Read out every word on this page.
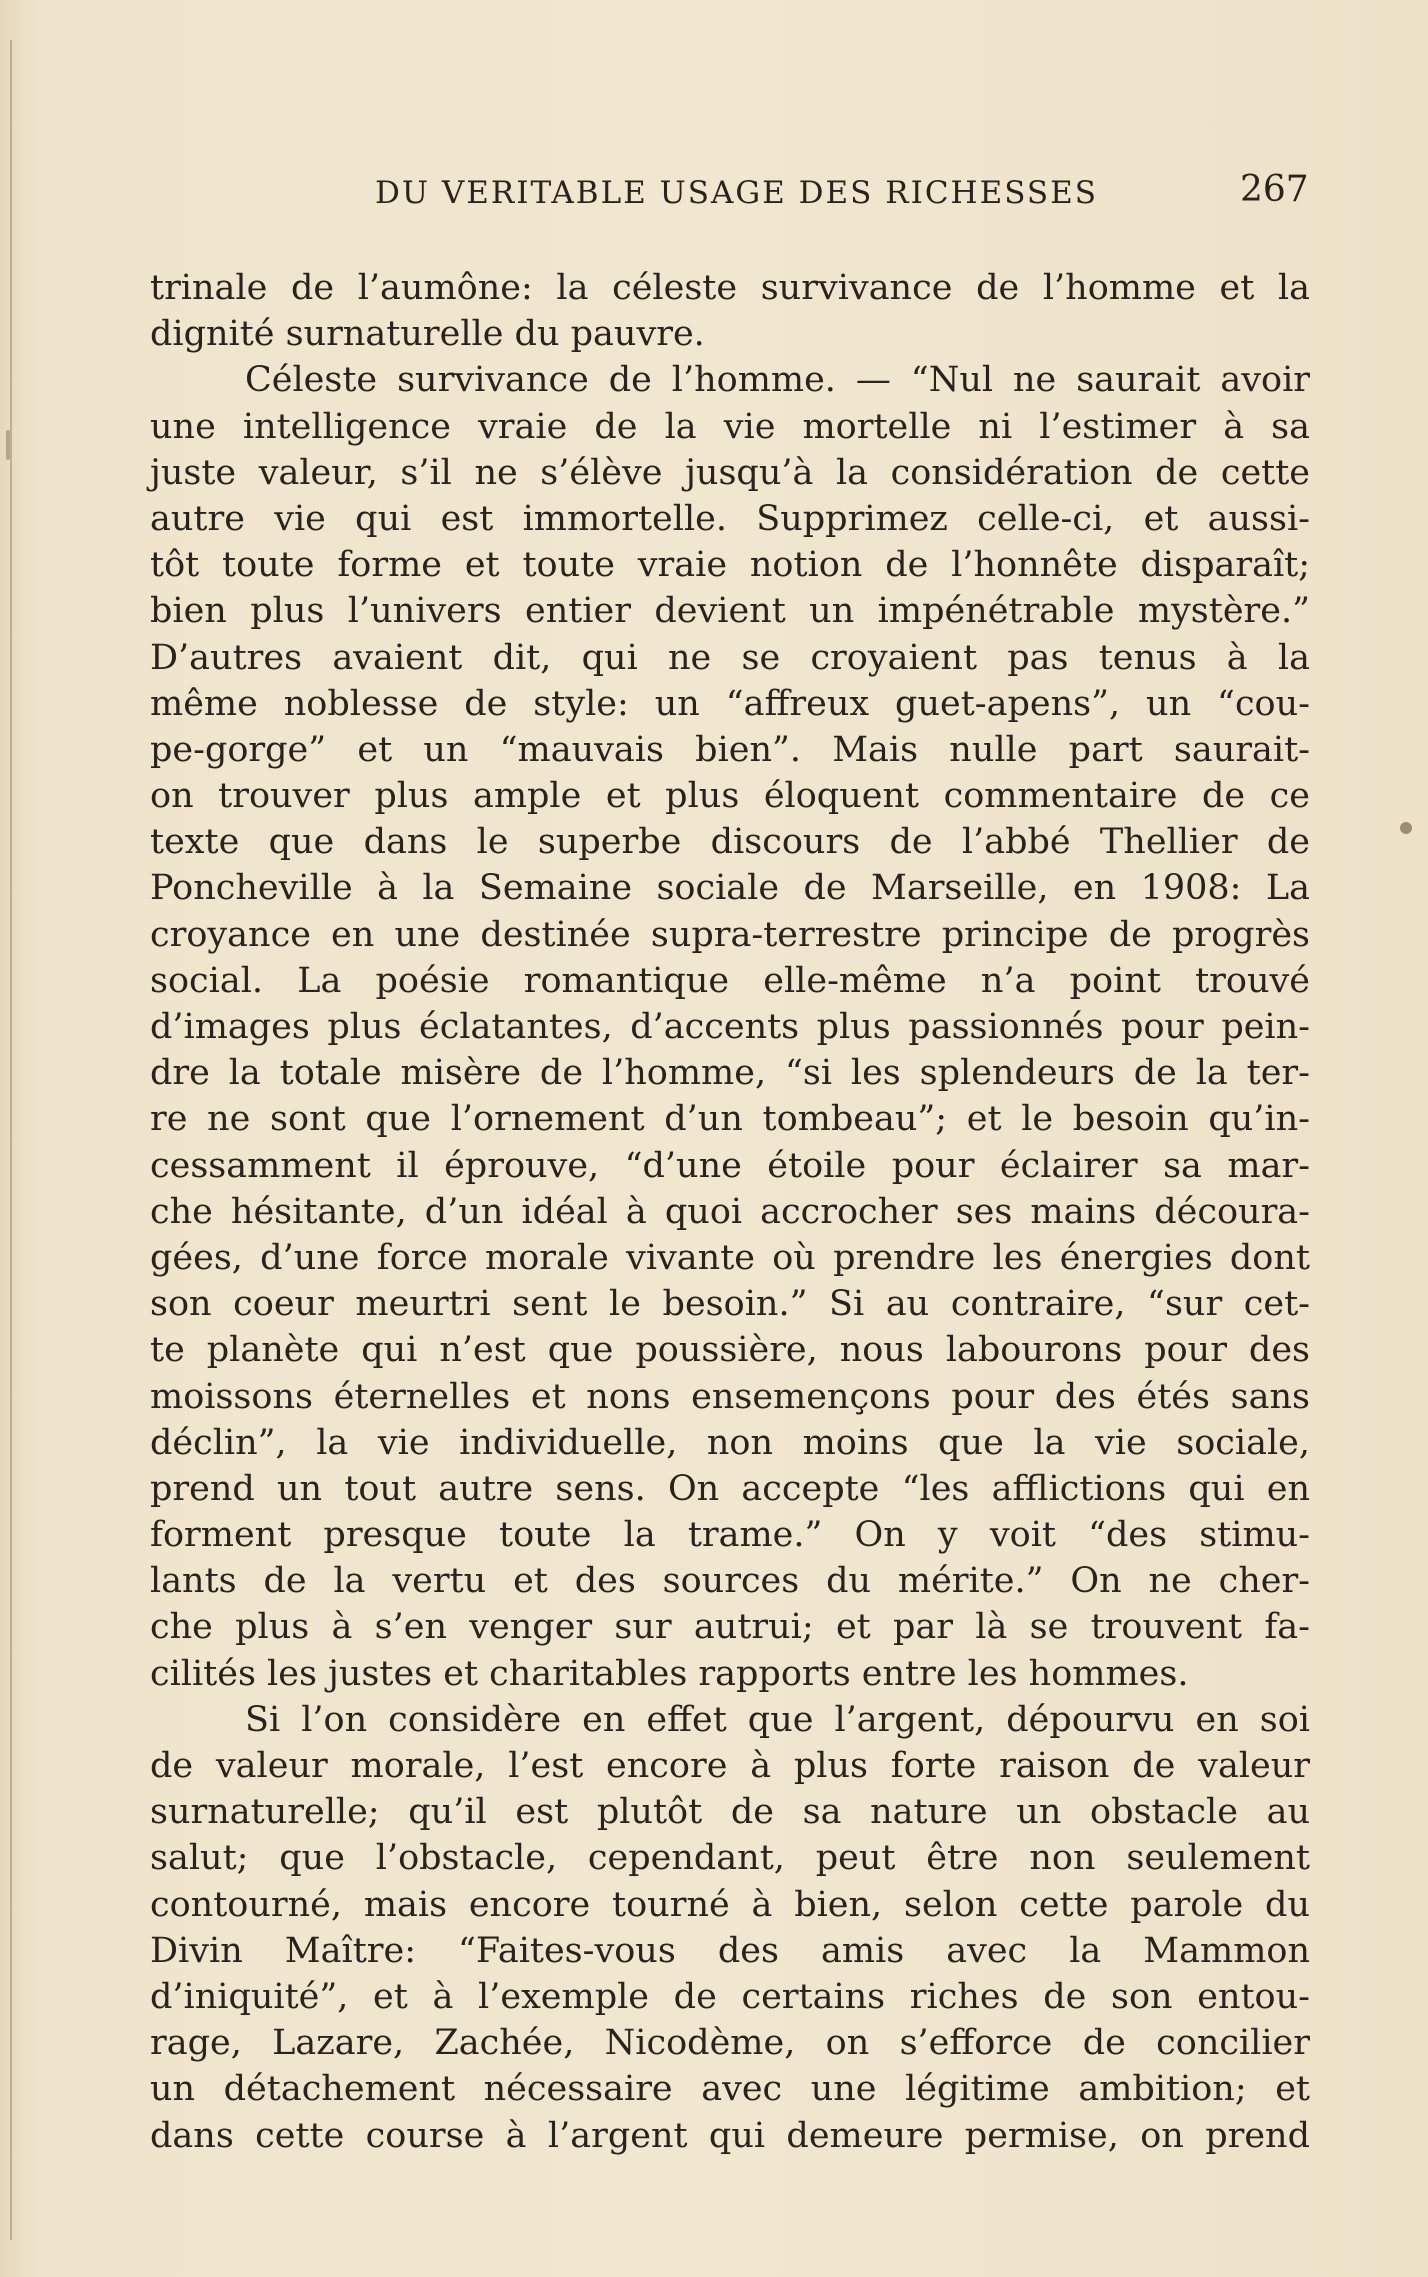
DU VERITABLE USAGE DES RICHESSES	267
trinale de l’aumône: la céleste survivance de l’homme et la
dignité surnaturelle du pauvre.
Céleste survivance de l’homme. — “Nul ne saurait avoir
une intelligence vraie de la vie mortelle ni l’estimer à sa
juste valeur, s’il ne s’élève jusqu’à la considération de cette
autre vie qui est immortelle. Supprimez celle-ci, et aussi-
tôt toute forme et toute vraie notion de l’honnête disparaît;
bien plus l’univers entier devient un impénétrable mystère.”
D’autres avaient dit, qui ne se croyaient pas tenus à la
même noblesse de style: un “affreux guet-apens”, un “cou-
pe-gorge” et un “mauvais bien”. Mais nulle part saurait-
on trouver plus ample et plus éloquent commentaire de ce
texte que dans le superbe discours de l’abbé Thellier de
Poncheville à la Semaine sociale de Marseille, en 1908: La
croyance en une destinée supra-terrestre principe de progrès
social. La poésie romantique elle-même n’a point trouvé
d’images plus éclatantes, d’accents plus passionnés pour pein-
dre la totale misère de l’homme, “si les splendeurs de la ter-
re ne sont que l’ornement d’un tombeau”; et le besoin qu’in-
cessamment il éprouve, “d’une étoile pour éclairer sa mar-
che hésitante, d’un idéal à quoi accrocher ses mains découra-
gées, d’une force morale vivante où prendre les énergies dont
son coeur meurtri sent le besoin.” Si au contraire, “sur cet-
te planète qui n’est que poussière, nous labourons pour des
moissons éternelles et nons ensemençons pour des étés sans
déclin”, la vie individuelle, non moins que la vie sociale,
prend un tout autre sens. On accepte “les afflictions qui en
forment presque toute la trame.” On y voit “des stimu-
lants de la vertu et des sources du mérite.” On ne cher-
che plus à s’en venger sur autrui; et par là se trouvent fa-
cilités les justes et charitables rapports entre les hommes.
Si l’on considère en effet que l’argent, dépourvu en soi
de valeur morale, l’est encore à plus forte raison de valeur
surnaturelle; qu’il est plutôt de sa nature un obstacle au
salut; que l’obstacle, cependant, peut être non seulement
contourné, mais encore tourné à bien, selon cette parole du
Divin Maître: “Faites-vous des amis avec la Mammon
d’iniquité”, et à l’exemple de certains riches de son entou-
rage, Lazare, Zachée, Nicodème, on s’efforce de concilier
un détachement nécessaire avec une légitime ambition; et
dans cette course à l’argent qui demeure permise, on prend
